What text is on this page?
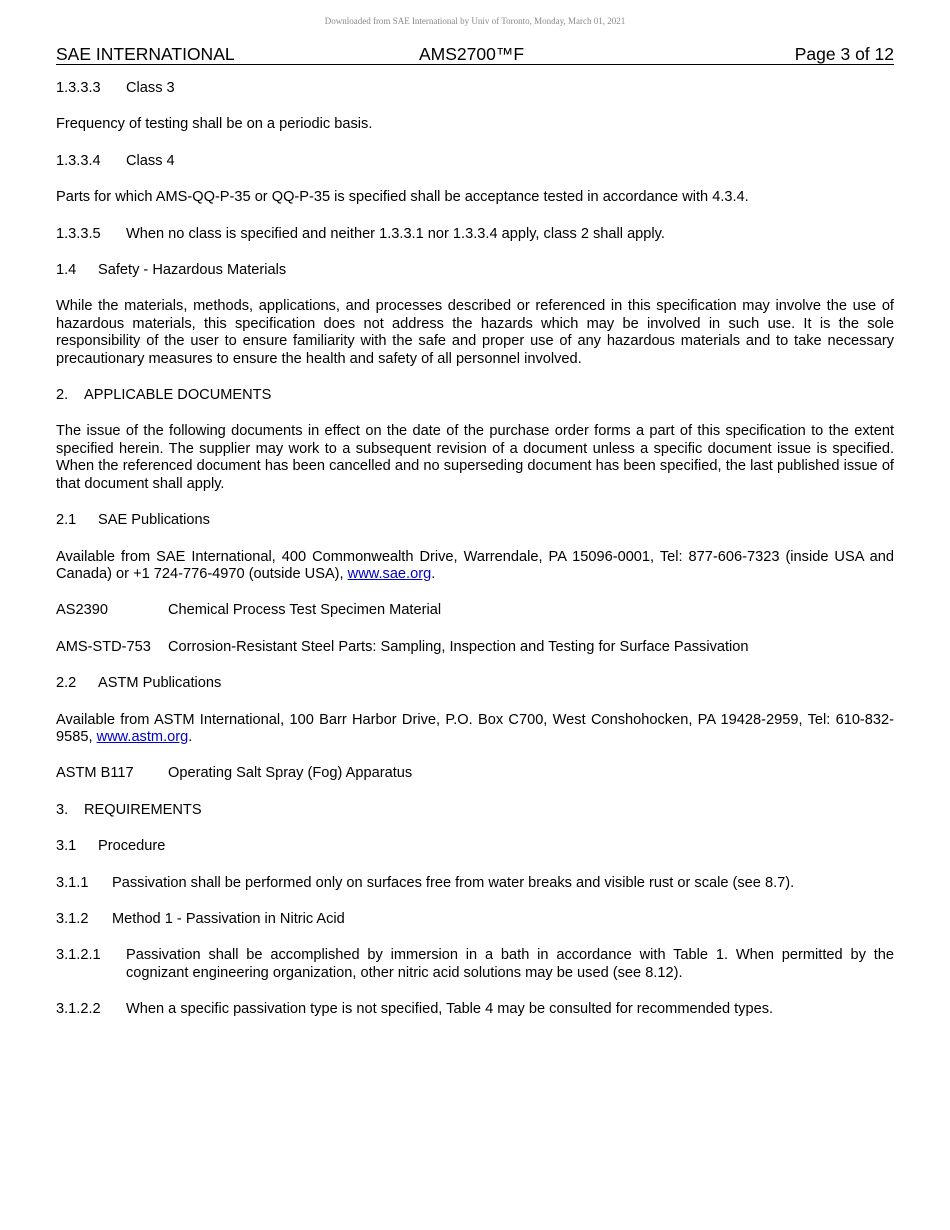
Downloaded from SAE International by Univ of Toronto, Monday, March 01, 2021
SAE INTERNATIONAL	AMS2700™F	Page 3 of 12

1.3.3.3 Class 3

Frequency of testing shall be on a periodic basis.

1.3.3.4 Class 4

Parts for which AMS-QQ-P-35 or QQ-P-35 is specified shall be acceptance tested in accordance with 4.3.4.

1.3.3.5 When no class is specified and neither 1.3.3.1 nor 1.3.3.4 apply, class 2 shall apply.

1.4 Safety - Hazardous Materials

While the materials, methods, applications, and processes described or referenced in this specification may involve the use of hazardous materials, this specification does not address the hazards which may be involved in such use. It is the sole responsibility of the user to ensure familiarity with the safe and proper use of any hazardous materials and to take necessary precautionary measures to ensure the health and safety of all personnel involved.

2. APPLICABLE DOCUMENTS

The issue of the following documents in effect on the date of the purchase order forms a part of this specification to the extent specified herein. The supplier may work to a subsequent revision of a document unless a specific document issue is specified. When the referenced document has been cancelled and no superseding document has been specified, the last published issue of that document shall apply.

2.1 SAE Publications

Available from SAE International, 400 Commonwealth Drive, Warrendale, PA 15096-0001, Tel: 877-606-7323 (inside USA and Canada) or +1 724-776-4970 (outside USA), www.sae.org.

AS2390	Chemical Process Test Specimen Material
AMS-STD-753	Corrosion-Resistant Steel Parts: Sampling, Inspection and Testing for Surface Passivation

2.2 ASTM Publications

Available from ASTM International, 100 Barr Harbor Drive, P.O. Box C700, West Conshohocken, PA 19428-2959, Tel: 610-832-9585, www.astm.org.

ASTM B117	Operating Salt Spray (Fog) Apparatus

3. REQUIREMENTS

3.1 Procedure

3.1.1 Passivation shall be performed only on surfaces free from water breaks and visible rust or scale (see 8.7).

3.1.2 Method 1 - Passivation in Nitric Acid

3.1.2.1	Passivation shall be accomplished by immersion in a bath in accordance with Table 1. When permitted by the cognizant engineering organization, other nitric acid solutions may be used (see 8.12).
3.1.2.2	When a specific passivation type is not specified, Table 4 may be consulted for recommended types.
